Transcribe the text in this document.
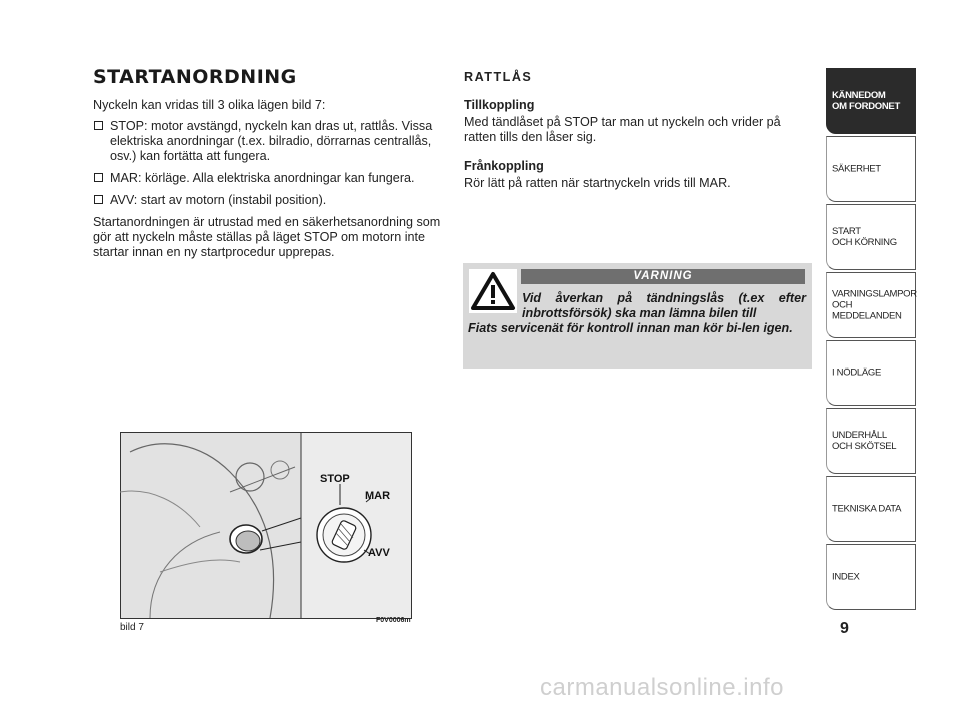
STARTANORDNING

Nyckeln kan vridas till 3 olika lägen bild 7:

STOP: motor avstängd, nyckeln kan dras ut, rattlås. Vissa elektriska anordningar (t.ex. bilradio, dörrarnas centrallås, osv.) kan fortätta att fungera.
MAR: körläge. Alla elektriska anordningar kan fungera.
AVV: start av motorn (instabil position).

Startanordningen är utrustad med en säkerhetsanordning som gör att nyckeln måste ställas på läget STOP om motorn inte startar innan en ny startprocedur upprepas.

RATTLÅS
Tillkoppling

Med tändlåset på STOP tar man ut nyckeln och vrider på ratten tills den låser sig.

Frånkoppling

Rör lätt på ratten när startnyckeln vrids till MAR.

VARNING
Vid åverkan på tändningslås (t.ex efter inbrottsförsök) ska man lämna bilen till
Fiats servicenät för kontroll innan man kör bi-len igen.
STOP
MAR
AVV
bild 7
F0V0006m
KÄNNEDOM
OM FORDONET
SÄKERHET
START
OCH KÖRNING
VARNINGSLAMPOR
OCH
MEDDELANDEN
I NÖDLÄGE
UNDERHÅLL
OCH SKÖTSEL
TEKNISKA DATA
INDEX
9
carmanualsonline.info
